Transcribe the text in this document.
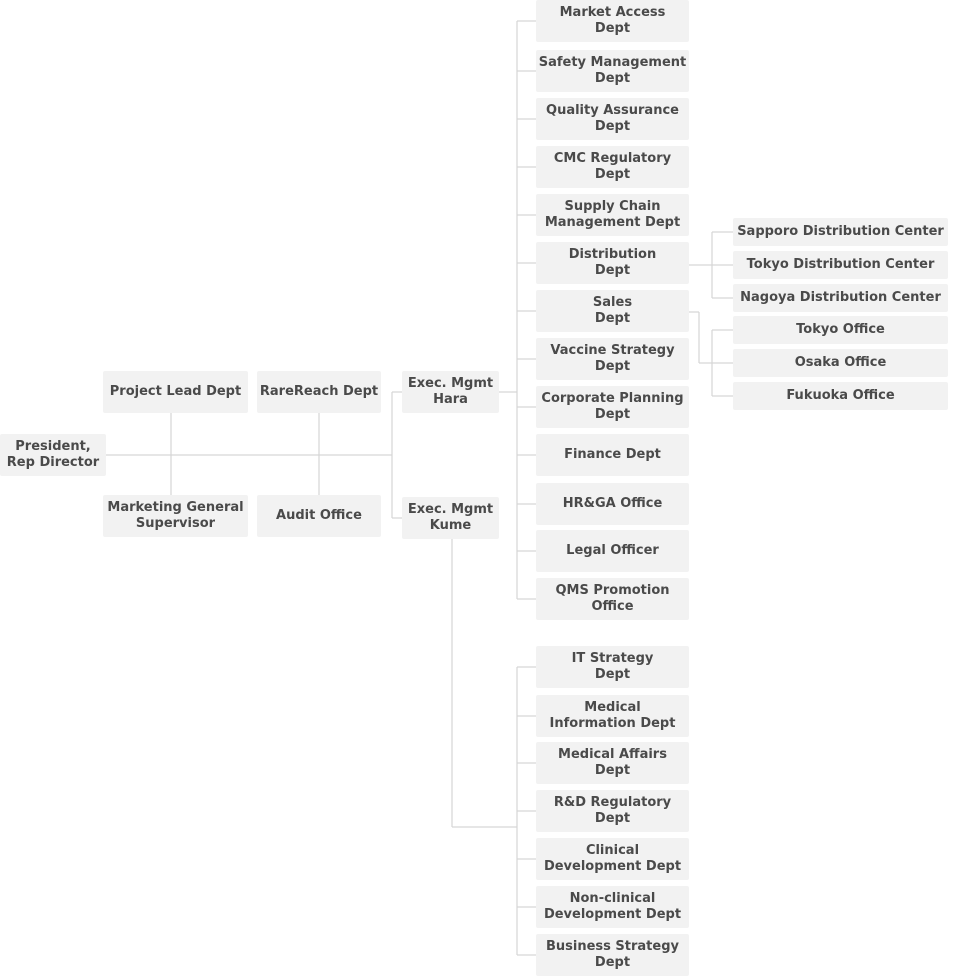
President,
Rep Director
Project Lead Dept RareReach Dept
Marketing General
Supervisor
Audit Office
Exec. Mgmt
Hara
Exec. Mgmt
Kume
Market Access
Dept
Safety Management
Dept
Quality Assurance
Dept
CMC Regulatory
Dept
Supply Chain
Management Dept
Distribution
Dept
Sales
Dept
Vaccine Strategy
Dept
Corporate Planning
Dept
Finance Dept
HR&GA Office
Legal Officer
QMS Promotion
Office
Sapporo Distribution Center
Tokyo Distribution Center
Nagoya Distribution Center
Tokyo Office
Osaka Office
Fukuoka Office
IT Strategy
Dept
Medical
Information Dept
Medical Affairs
Dept
R&D Regulatory
Dept
Clinical
Development Dept
Non-clinical
Development Dept
Business Strategy
Dept
